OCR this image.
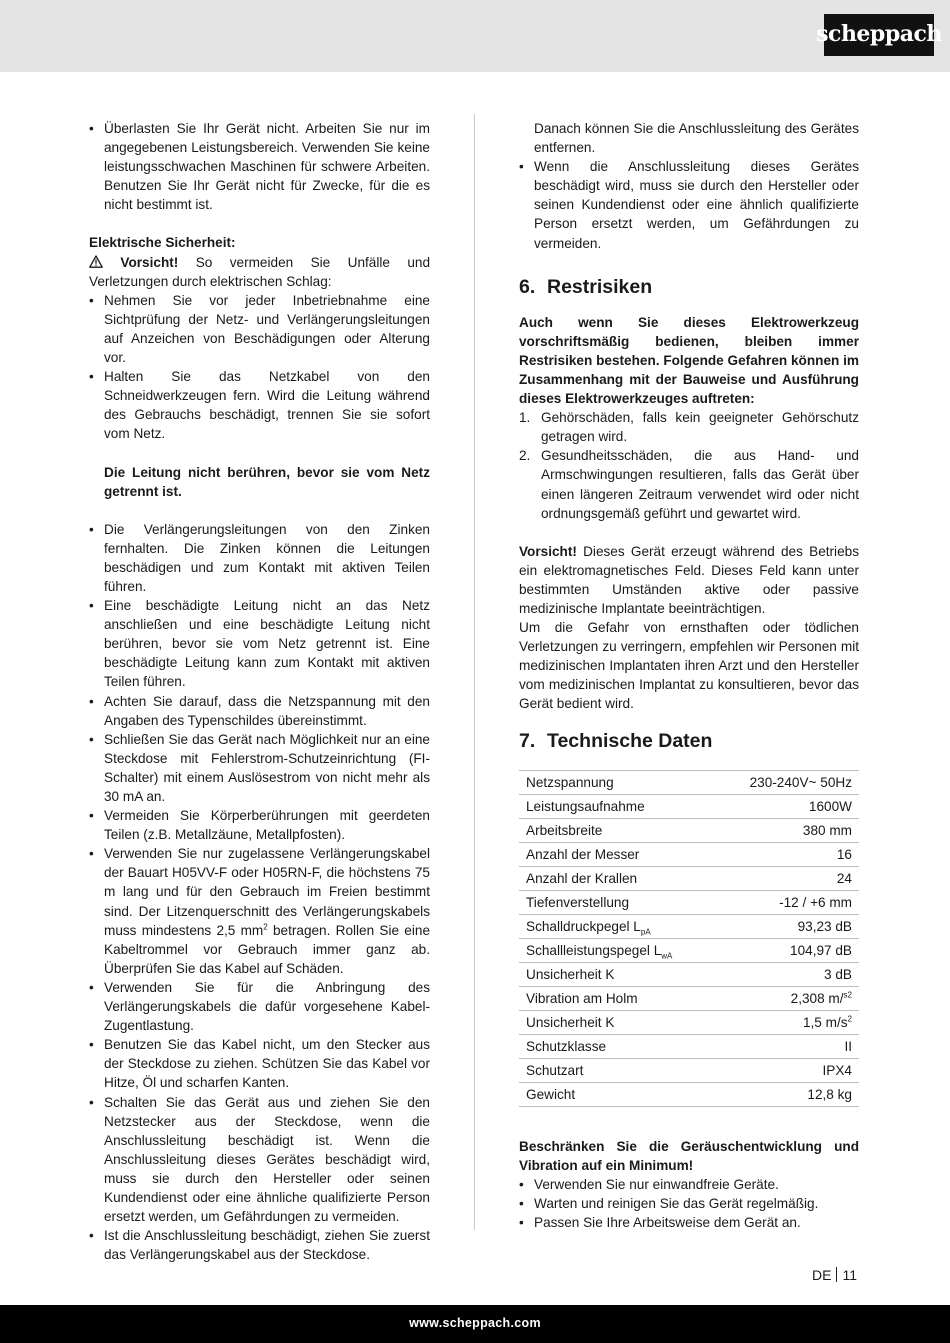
scheppach
• Überlasten Sie Ihr Gerät nicht. Arbeiten Sie nur im angegebenen Leistungsbereich. Verwenden Sie keine leistungsschwachen Maschinen für schwere Arbeiten. Benutzen Sie Ihr Gerät nicht für Zwecke, für die es nicht bestimmt ist.

Elektrische Sicherheit:

Vorsicht! So vermeiden Sie Unfälle und Verletzungen durch elektrischen Schlag:

• Nehmen Sie vor jeder Inbetriebnahme eine Sichtprüfung der Netz- und Verlängerungsleitungen auf Anzeichen von Beschädigungen oder Alterung vor.
• Halten Sie das Netzkabel von den Schneidwerkzeugen fern. Wird die Leitung während des Gebrauchs beschädigt, trennen Sie sie sofort vom Netz.

Die Leitung nicht berühren, bevor sie vom Netz getrennt ist.

• Die Verlängerungsleitungen von den Zinken fernhalten. Die Zinken können die Leitungen beschädigen und zum Kontakt mit aktiven Teilen führen.
• Eine beschädigte Leitung nicht an das Netz anschließen und eine beschädigte Leitung nicht berühren, bevor sie vom Netz getrennt ist. Eine beschädigte Leitung kann zum Kontakt mit aktiven Teilen führen.
• Achten Sie darauf, dass die Netzspannung mit den Angaben des Typenschildes übereinstimmt.
• Schließen Sie das Gerät nach Möglichkeit nur an eine Steckdose mit Fehlerstrom-Schutzeinrichtung (FI-Schalter) mit einem Auslösestrom von nicht mehr als 30 mA an.
• Vermeiden Sie Körperberührungen mit geerdeten Teilen (z.B. Metallzäune, Metallpfosten).
• Verwenden Sie nur zugelassene Verlängerungskabel der Bauart H05VV-F oder H05RN-F, die höchstens 75 m lang und für den Gebrauch im Freien bestimmt sind. Der Litzenquerschnitt des Verlängerungskabels muss mindestens 2,5 $mm^2$ betragen. Rollen Sie eine Kabeltrommel vor Gebrauch immer ganz ab. Überprüfen Sie das Kabel auf Schäden.
• Verwenden Sie für die Anbringung des Verlängerungskabels die dafür vorgesehene Kabel-Zugentlastung.
• Benutzen Sie das Kabel nicht, um den Stecker aus der Steckdose zu ziehen. Schützen Sie das Kabel vor Hitze, Öl und scharfen Kanten.
• Schalten Sie das Gerät aus und ziehen Sie den Netzstecker aus der Steckdose, wenn die Anschlussleitung beschädigt ist. Wenn die Anschlussleitung dieses Gerätes beschädigt wird, muss sie durch den Hersteller oder seinen Kundendienst oder eine ähnliche qualifizierte Person ersetzt werden, um Gefährdungen zu vermeiden.
• Ist die Anschlussleitung beschädigt, ziehen Sie zuerst das Verlängerungskabel aus der Steckdose.

Danach können Sie die Anschlussleitung des Gerätes entfernen.

• Wenn die Anschlussleitung dieses Gerätes beschädigt wird, muss sie durch den Hersteller oder seinen Kundendienst oder eine ähnlich qualifizierte Person ersetzt werden, um Gefährdungen zu vermeiden.
6. Restrisiken

Auch wenn Sie dieses Elektrowerkzeug vorschriftsmäßig bedienen, bleiben immer Restrisiken bestehen. Folgende Gefahren können im Zusammenhang mit der Bauweise und Ausführung dieses Elektrowerkzeuges auftreten:

1. Gehörschäden, falls kein geeigneter Gehörschutz getragen wird.
2. Gesundheitsschäden, die aus Hand- und Armschwingungen resultieren, falls das Gerät über einen längeren Zeitraum verwendet wird oder nicht ordnungsgemäß geführt und gewartet wird.

Vorsicht! Dieses Gerät erzeugt während des Betriebs ein elektromagnetisches Feld. Dieses Feld kann unter bestimmten Umständen aktive oder passive medizinische Implantate beeinträchtigen.

Um die Gefahr von ernsthaften oder tödlichen Verletzungen zu verringern, empfehlen wir Personen mit medizinischen Implantaten ihren Arzt und den Hersteller vom medizinischen Implantat zu konsultieren, bevor das Gerät bedient wird.

7. Technische Daten
Netzspannung	230-240V~ 50Hz
Leistungsaufnahme	1600W
Arbeitsbreite	380 mm
Anzahl der Messer	16
Anzahl der Krallen	24
Tiefenverstellung	-12 / +6 mm
Schalldruckpegel $L_{pA}$	93,23 dB
Schallleistungspegel $L_{wA}$	104,97 dB
Unsicherheit K	3 dB
Vibration am Holm	2,308 m/$^{s2}$
Unsicherheit K	1,5 $m/s^2$
Schutzklasse	II
Schutzart	IPX4
Gewicht	12,8 kg

Beschränken Sie die Geräuschentwicklung und Vibration auf ein Minimum!

• Verwenden Sie nur einwandfreie Geräte.
• Warten und reinigen Sie das Gerät regelmäßig.
• Passen Sie Ihre Arbeitsweise dem Gerät an.
DE 11
www.scheppach.com
